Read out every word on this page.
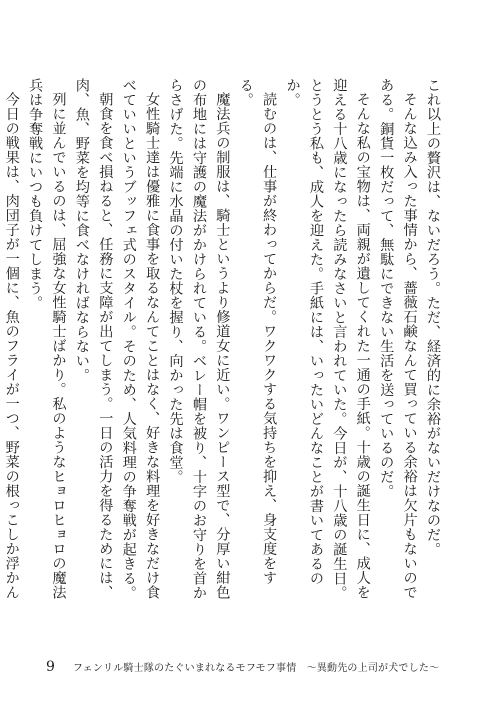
これ以上の贅沢は、ないだろう。ただ、経済的に余裕がないだけなのだ。

そんな込み入った事情から、薔薇石鹸なんて買っている余裕は欠片もないのである。銅貨一枚だって、無駄にできない生活を送っているのだ。

そんな私の宝物は、両親が遺してくれた一通の手紙。十歳の誕生日に、成人を迎える十八歳になったら読みなさいと言われていた。今日が、十八歳の誕生日。とうとう私も、成人を迎えた。手紙には、いったいどんなことが書いてあるのか。

読むのは、仕事が終わってからだ。ワクワクする気持ちを抑え、身支度をする。

魔法兵の制服は、騎士というより修道女に近い。ワンピース型で、分厚い紺色の布地には守護の魔法がかけられている。ベレー帽を被り、十字のお守りを首からさげた。先端に水晶の付いた杖を握り、向かった先は食堂。

女性騎士達は優雅に食事を取るなんてことはなく、好きな料理を好きなだけ食べていいというブッフェ式のスタイル。そのため、人気料理の争奪戦が起きる。

朝食を食べ損ねると、任務に支障が出てしまう。一日の活力を得るためには、肉、魚、野菜を均等に食べなければならない。

列に並んでいるのは、屈強な女性騎士ばかり。私のようなヒョロヒョロの魔法兵は争奪戦にいつも負けてしまう。

今日の戦果は、肉団子が一個に、魚のフライが一つ、野菜の根っこしか浮かん

9 フェンリル騎士隊のたぐいまれなるモフモフ事情　～異動先の上司が犬でした～
